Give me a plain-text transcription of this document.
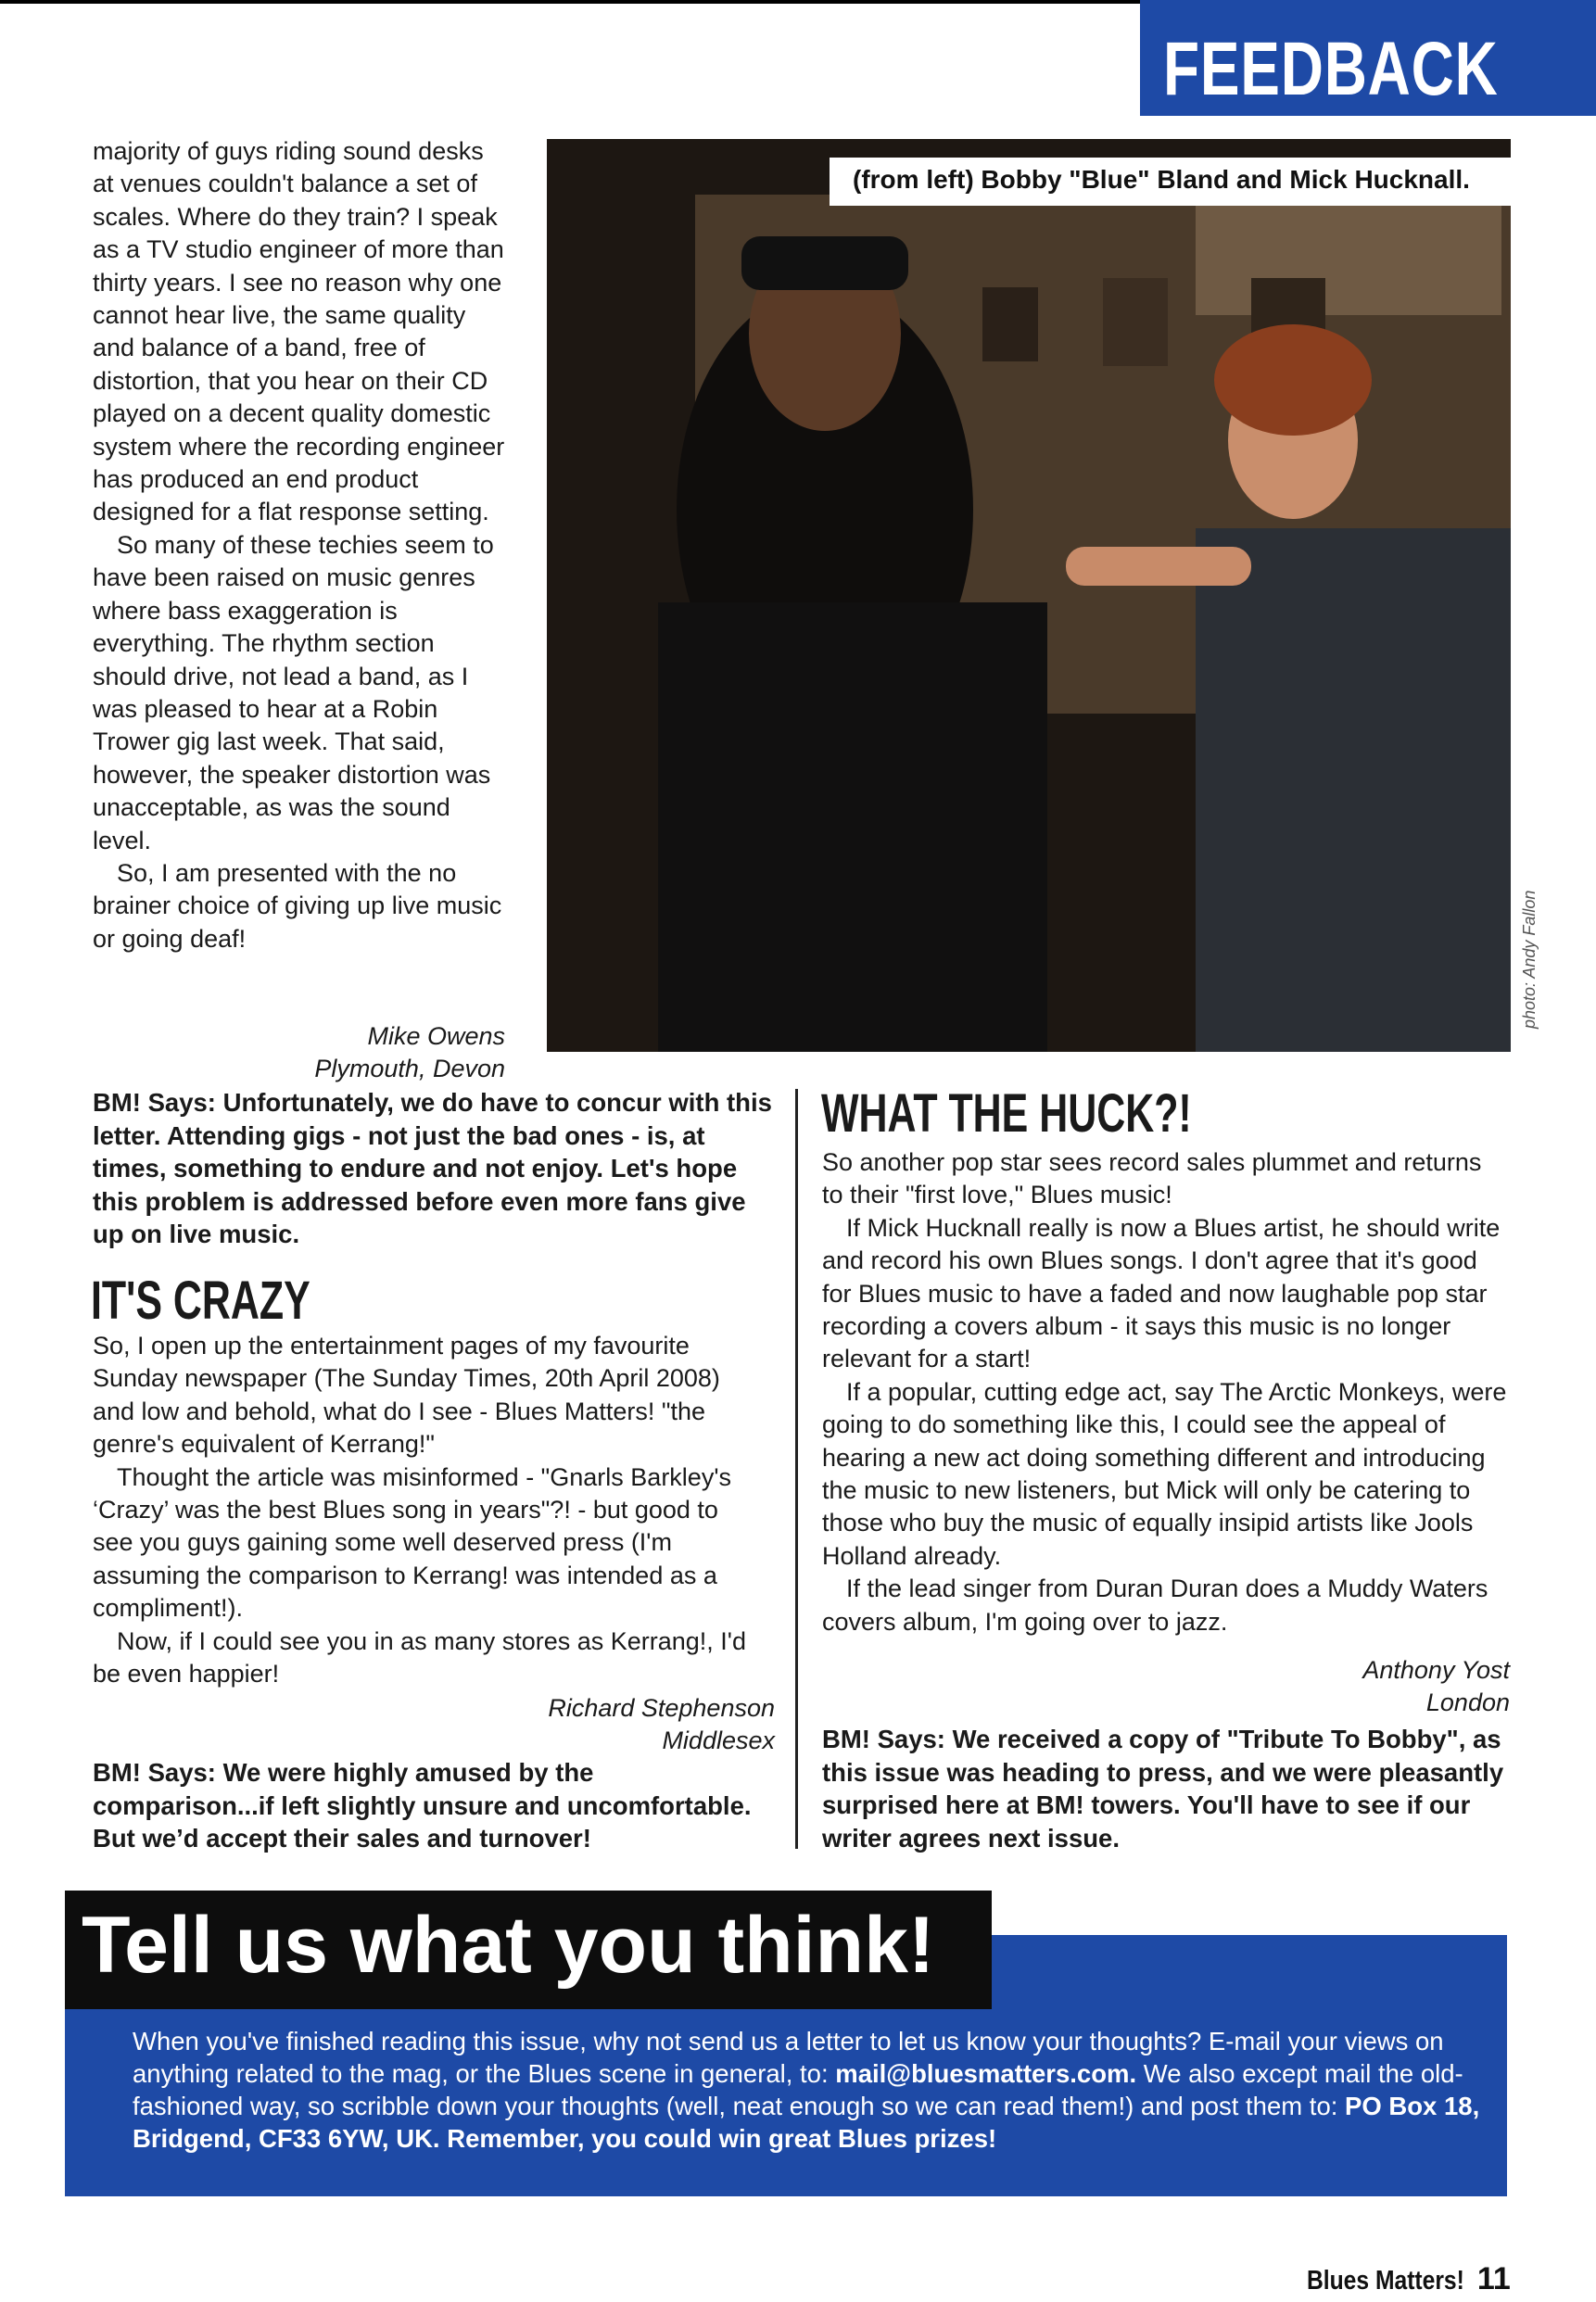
FEEDBACK

majority of guys riding sound desks at venues couldn't balance a set of scales. Where do they train? I speak as a TV studio engineer of more than thirty years. I see no reason why one cannot hear live, the same quality and balance of a band, free of distortion, that you hear on their CD played on a decent quality domestic system where the recording engineer has produced an end product designed for a flat response setting.

So many of these techies seem to have been raised on music genres where bass exaggeration is everything. The rhythm section should drive, not lead a band, as I was pleased to hear at a Robin Trower gig last week. That said, however, the speaker distortion was unacceptable, as was the sound level.

So, I am presented with the no brainer choice of giving up live music or going deaf!

Mike Owens

Plymouth, Devon

BM! Says: Unfortunately, we do have to concur with this letter. Attending gigs - not just the bad ones - is, at times, something to endure and not enjoy. Let's hope this problem is addressed before even more fans give up on live music.
IT'S CRAZY

So, I open up the entertainment pages of my favourite Sunday newspaper (The Sunday Times, 20th April 2008) and low and behold, what do I see - Blues Matters! "the genre's equivalent of Kerrang!"

Thought the article was misinformed - "Gnarls Barkley's ‘Crazy’ was the best Blues song in years"?! - but good to see you guys gaining some well deserved press (I'm assuming the comparison to Kerrang! was intended as a compliment!).

Now, if I could see you in as many stores as Kerrang!, I'd be even happier!

Richard Stephenson

Middlesex

BM! Says: We were highly amused by the comparison...if left slightly unsure and uncomfortable. But we’d accept their sales and turnover!
(from left) Bobby "Blue" Bland and Mick Hucknall.
photo: Andy Fallon
WHAT THE HUCK?!

So another pop star sees record sales plummet and returns to their "first love," Blues music!

If Mick Hucknall really is now a Blues artist, he should write and record his own Blues songs. I don't agree that it's good for Blues music to have a faded and now laughable pop star recording a covers album - it says this music is no longer relevant for a start!

If a popular, cutting edge act, say The Arctic Monkeys, were going to do something like this, I could see the appeal of hearing a new act doing something different and introducing the music to new listeners, but Mick will only be catering to those who buy the music of equally insipid artists like Jools Holland already.

If the lead singer from Duran Duran does a Muddy Waters covers album, I'm going over to jazz.

Anthony Yost

London

BM! Says: We received a copy of "Tribute To Bobby", as this issue was heading to press, and we were pleasantly surprised here at BM! towers. You'll have to see if our writer agrees next issue.
Tell us what you think!
When you've finished reading this issue, why not send us a letter to let us know your thoughts? E-mail your views on anything related to the mag, or the Blues scene in general, to: mail@bluesmatters.com. We also except mail the old-fashioned way, so scribble down your thoughts (well, neat enough so we can read them!) and post them to: PO Box 18, Bridgend, CF33 6YW, UK. Remember, you could win great Blues prizes!
Blues Matters! 11
